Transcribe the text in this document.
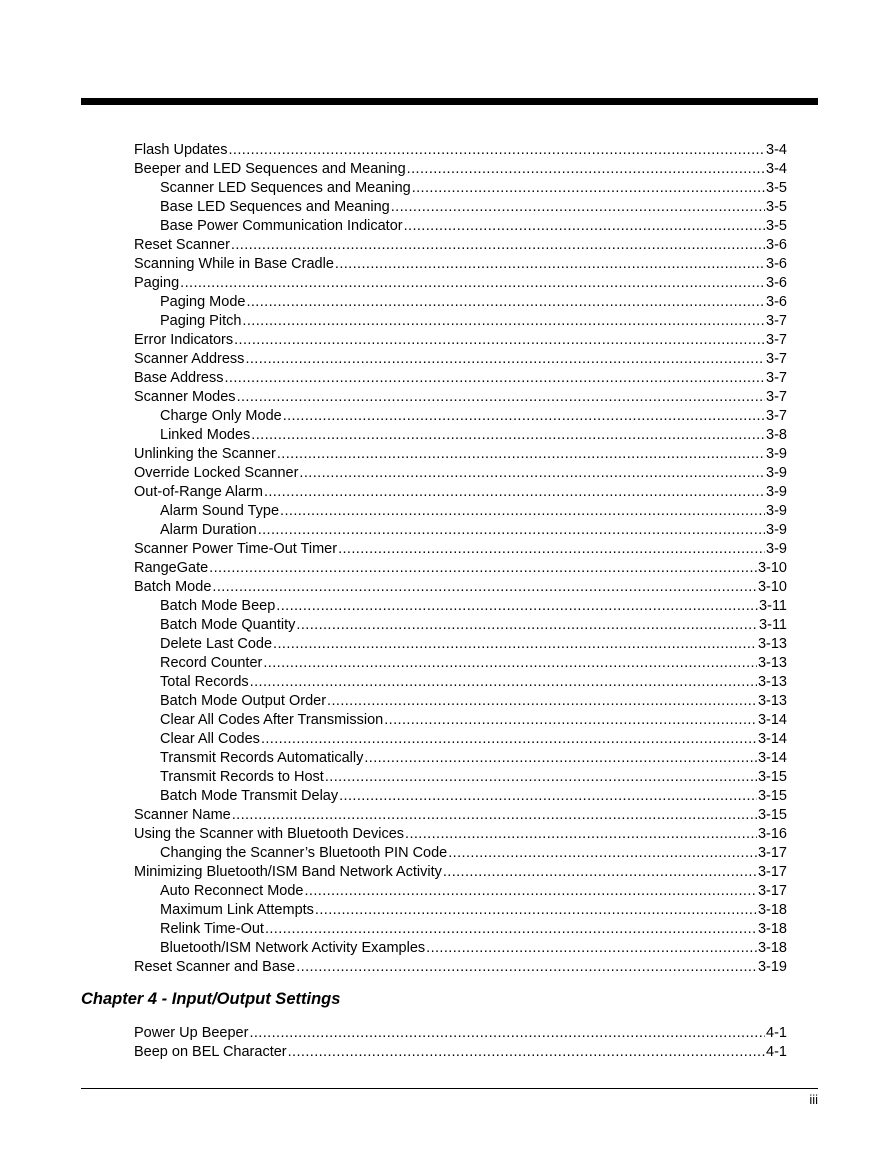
Flash Updates .....	3-4
Beeper and LED Sequences and Meaning .....	3-4
Scanner LED Sequences and Meaning .....	3-5
Base LED Sequences and Meaning .....	3-5
Base Power Communication Indicator .....	3-5
Reset Scanner .....	3-6
Scanning While in Base Cradle .....	3-6
Paging .....	3-6
Paging Mode .....	3-6
Paging Pitch .....	3-7
Error Indicators .....	3-7
Scanner Address .....	3-7
Base Address .....	3-7
Scanner Modes .....	3-7
Charge Only Mode .....	3-7
Linked Modes .....	3-8
Unlinking the Scanner .....	3-9
Override Locked Scanner .....	3-9
Out-of-Range Alarm .....	3-9
Alarm Sound Type .....	3-9
Alarm Duration .....	3-9
Scanner Power Time-Out Timer .....	3-9
RangeGate .....	3-10
Batch Mode .....	3-10
Batch Mode Beep .....	3-11
Batch Mode Quantity .....	3-11
Delete Last Code .....	3-13
Record Counter .....	3-13
Total Records .....	3-13
Batch Mode Output Order .....	3-13
Clear All Codes After Transmission .....	3-14
Clear All Codes .....	3-14
Transmit Records Automatically .....	3-14
Transmit Records to Host .....	3-15
Batch Mode Transmit Delay .....	3-15
Scanner Name .....	3-15
Using the Scanner with Bluetooth Devices .....	3-16
Changing the Scanner’s Bluetooth PIN Code .....	3-17
Minimizing Bluetooth/ISM Band Network Activity .....	3-17
Auto Reconnect Mode .....	3-17
Maximum Link Attempts .....	3-18
Relink Time-Out .....	3-18
Bluetooth/ISM Network Activity Examples .....	3-18
Reset Scanner and Base .....	3-19
Chapter 4 - Input/Output Settings
Power Up Beeper .....	4-1
Beep on BEL Character .....	4-1
iii
